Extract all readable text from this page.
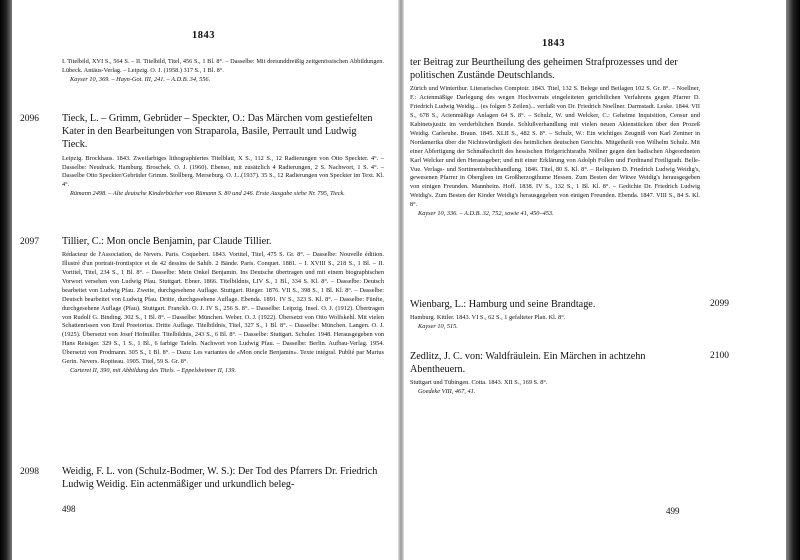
1843
I. Titelbild, XVI S., 564 S. – II. Titelbild, Titel, 456 S., 1 Bl. 8°. – Dasselbe: Mit dreiunddreißig zeitgenössischen Abbildungen. Lübeck. Antäus-Verlag. – Leipzig. O. J. (1958.) 317 S., 1 Bl. 8°.
Kayser 10, 369. – Hayn-Got. III, 241. – A.D.B. 34, 556.
2096 Tieck, L. – Grimm, Gebrüder – Speckter, O.: Das Märchen vom gestiefelten Kater in den Bearbeitungen von Straparola, Basile, Perrault und Ludwig Tieck.
Leipzig. Brockhaus. 1843. Zweifarbiges lithographiertes Titelblatt, X S., 112 S., 12 Radierungen von Otto Speckter. 4°. – Dasselbe: Neudruck. Hamburg. Broschek. O. J. (1960). Ebenso, mit zusätzlich 4 Radierungen, 2 S. Nachwort, 1 S. 4°. – Dasselbe Otto Speckter/Gebrüder Grimm. Stollberg. Merseburg. O. J...(1937). 35 S., 12 Radierungen von Speckter im Text. Kl. 4°.
Rümann 2498. – Alte deutsche Kinderbücher von Rümann S. 80 und 246. Erste Ausgabe siehe Nr. 795, Tieck.
2097 Tillier, C.: Mon oncle Benjamin, par Claude Tillier.
Rédacteur de l'Association, de Nevers. Paris. Coquebert. 1843. Vortitel, Titel, 475 S. Gr. 8°. – Dasselbe: Nouvelle édition. Illustré d'un portrait-frontispice et de 42 dessins de Sahib. 2 Bände. Paris. Conquet. 1881. – I. XVIII S., 218 S., 1 Bl. – II. Vortitel, Titel, 234 S., 1 Bl. 8°. – Dasselbe: Mein Onkel Benjamin. Ins Deutsche übertragen und mit einem biographischen Vorwort versehen von Ludwig Pfau. Stuttgart. Ebner. 1866. Titelbildnis, LIV S., 1 Bl., 334 S. Kl. 8°. – Dasselbe: Deutsch bearbeitet von Ludwig Pfau. Zweite, durchgesehene Auflage. Stuttgart. Rieger. 1876. VII S., 398 S., 1 Bl. Kl. 8°. – Dasselbe: Deutsch bearbeitet von Ludwig Pfau. Dritte, durchgesehene Auflage. Ebenda. 1891. IV S., 323 S. Kl. 8°. – Dasselbe: Fünfte, durchgesehene Auflage (Pfau). Stuttgart. Franckh. O. J. IV S., 256 S. 8°. – Dasselbe: Leipzig. Insel. O. J. (1912). Übertragen von Rudolf G. Binding. 302 S., 1 Bl. 8°. – Dasselbe: München. Weber. O. J. (1922). Übersetzt von Otto Wolfskehl. Mit vielen Schattenrissen von Emil Preetorius. Dritte Auflage. Titelbildnis, Titel, 327 S., 1 Bl. 8°. – Dasselbe: München. Langen. O. J. (1925). Übersetzt von Josef Hofmiller. Titelbildnis, 243 S., 6 Bl. 8°. – Dasselbe: Stuttgart. Schuler. 1948. Herausgegeben von Hans Reisiger. 329 S., 1 S., 1 Bl., 6 farbige Tafeln. Nachwort von Ludwig Pfau. – Dasselbe: Berlin. Aufbau-Verlag. 1954. Übersetzt von Prodmann. 305 S., 1 Bl. 8°. – Dazu: Les variantes de «Mon oncle Benjamin». Texte intégral. Publié par Marius Gerin. Nevers. Ropiteau. 1905. Titel, 59 S. Gr. 8°.
Carteret II, 390, mit Abbildung des Titels. – Eppelsheimer II, 139.
2098 Weidig, F. L. von (Schulz-Bodmer, W. S.): Der Tod des Pfarrers Dr. Friedrich Ludwig Weidig. Ein actenmäßiger und urkundlich beleg-
498
1843
ter Beitrag zur Beurtheilung des geheimen Strafprozesses und der politischen Zustände Deutschlands.
Zürich und Winterthur. Literarisches Comptoir. 1843. Titel, 132 S. Belege und Beilagen 102 S. Gr. 8°. – Noellner, F.: Actenmäßige Darlegung des wegen Hochverrats eingeleiteten gerichtlichen Verfahrens gegen Pfarrer D. Friedrich Ludwig Weidig... (es folgen 5 Zeilen)... verfaßt von Dr. Friedrich Noellner. Darmstadt. Leske. 1844. VII S., 678 S., Actenmäßige Anlagen 64 S. 8°. – Schulz, W. und Welcker, C.: Geheime Inquisition, Censur und Kabinetsjustiz im verderblichen Bunde. Schlußverhandlung mit vielen neuen Aktenstücken über den Prozeß Weidig. Carlsruhe. Braun. 1845. XLII S., 482 S. 8°. – Schulz, W.: Ein wichtiges Zeugniß von Karl Zentner in Nordamerika über die Nichtswürdigkeit des heimlichen deutschen Gerichts. Mitgetheilt von Wilhelm Schulz. Mit einer Abfertigung der Schmähschrift des hessischen Hofgerichtsraths Nöllner gegen den badischen Abgeordneten Karl Welcker und den Herausgeber; und mit einer Erklärung von Adolph Follen und Ferdinand Freiligrath. Belle-Vue. Verlags- und Sortimentsbuchhandlung. 1846. Titel, 80 S. Kl. 8°. – Reliquien D. Friedrich Ludwig Weidig's, gewesenen Pfarrer in Obergleen im Großherzogthume Hessen. Zum Besten der Witwe Weidig's herausgegeben von einigen Freunden. Mannheim. Hoff. 1838. IV S., 132 S., 1 Bl. Kl. 8°. – Gedichte Dr. Friedrich Ludwig Weidig's. Zum Besten der Kinder Weidig's herausgegeben von einigen Freunden. Ebenda. 1847. VIII S., 84 S. Kl. 8°.
Kayser 10, 336. – A.D.B. 32, 752, sowie 41, 450–453.
Wienbarg, L.: Hamburg und seine Brandtage.
Hamburg. Kittler. 1843. VI S., 62 S., 1 gefalteter Plan. Kl. 8°.
Kayser 10, 515.
2099
Zedlitz, J. C. von: Waldfräulein. Ein Märchen in achtzehn Abentheuern.
Stuttgart und Tübingen. Cotta. 1843. XII S., 169 S. 8°.
Goedeke VIII, 467, 41.
2100
499
